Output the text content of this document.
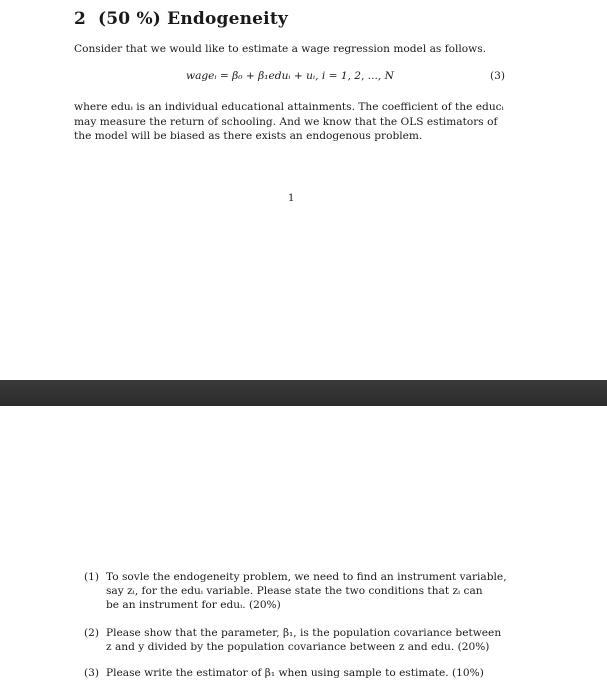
2 (50 %) Endogeneity
Consider that we would like to estimate a wage regression model as follows.
wageᵢ = β₀ + β₁eduᵢ + uᵢ, i = 1, 2, ..., N	(3)
where eduᵢ is an individual educational attainments. The coefficient of the educᵢ
may measure the return of schooling. And we know that the OLS estimators of
the model will be biased as there exists an endogenous problem.
1
(1) To sovle the endogeneity problem, we need to find an instrument variable,
say zᵢ, for the eduᵢ variable. Please state the two conditions that zᵢ can
be an instrument for eduᵢ. (20%)
(2) Please show that the parameter, β₁, is the population covariance between
z and y divided by the population covariance between z and edu. (20%)
(3) Please write the estimator of β₁ when using sample to estimate. (10%)
